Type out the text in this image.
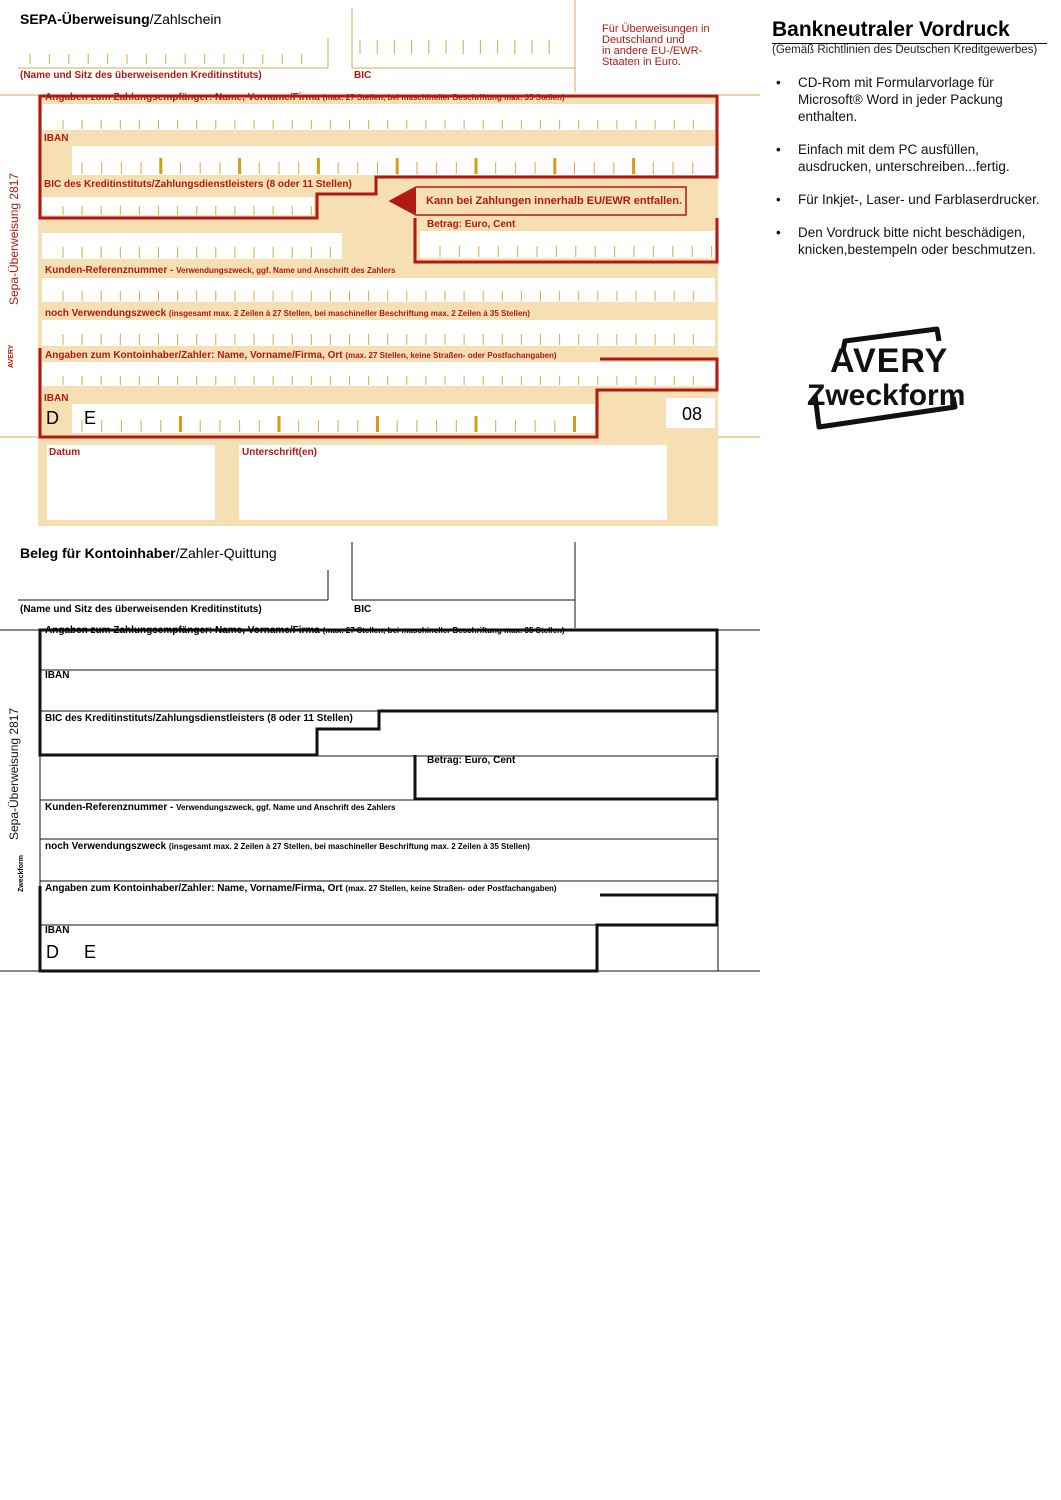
SEPA-Überweisung/Zahlschein
(Name und Sitz des überweisenden Kreditinstituts)	BIC
Für Überweisungen in
Deutschland und
in andere EU-/EWR-
Staaten in Euro.
Angaben zum Zahlungsempfänger: Name, Vorname/Firma (max. 27 Stellen, bei maschineller Beschriftung max. 35 Stellen)
IBAN
BIC des Kreditinstituts/Zahlungsdienstleisters (8 oder 11 Stellen)
Kann bei Zahlungen innerhalb EU/EWR entfallen.
Betrag: Euro, Cent
Kunden-Referenznummer - Verwendungszweck, ggf. Name und Anschrift des Zahlers
noch Verwendungszweck (insgesamt max. 2 Zeilen à 27 Stellen, bei maschineller Beschriftung max. 2 Zeilen à 35 Stellen)
Angaben zum Kontoinhaber/Zahler: Name, Vorname/Firma, Ort (max. 27 Stellen, keine Straßen- oder Postfachangaben)
IBAN
D E	08
Datum	Unterschrift(en)
Sepa-Überweisung 2817
AVERY
Bankneutraler Vordruck
(Gemäß Richtlinien des Deutschen Kreditgewerbes)
• CD-Rom mit Formularvorlage für Microsoft® Word in jeder Packung enthalten.
• Einfach mit dem PC ausfüllen, ausdrucken, unterschreiben...fertig.
• Für Inkjet-, Laser- und Farblaserdrucker.
• Den Vordruck bitte nicht beschädigen, knicken,bestempeln oder beschmutzen.
AVERY
Zweckform
Beleg für Kontoinhaber/Zahler-Quittung
(Name und Sitz des überweisenden Kreditinstituts)	BIC
Angaben zum Zahlungsempfänger: Name, Vorname/Firma (max. 27 Stellen, bei maschineller Beschriftung max. 35 Stellen)
IBAN
BIC des Kreditinstituts/Zahlungsdienstleisters (8 oder 11 Stellen)
Betrag: Euro, Cent
Kunden-Referenznummer - Verwendungszweck, ggf. Name und Anschrift des Zahlers
noch Verwendungszweck (insgesamt max. 2 Zeilen à 27 Stellen, bei maschineller Beschriftung max. 2 Zeilen à 35 Stellen)
Angaben zum Kontoinhaber/Zahler: Name, Vorname/Firma, Ort (max. 27 Stellen, keine Straßen- oder Postfachangaben)
IBAN
D E
Sepa-Überweisung 2817
Zweckform
